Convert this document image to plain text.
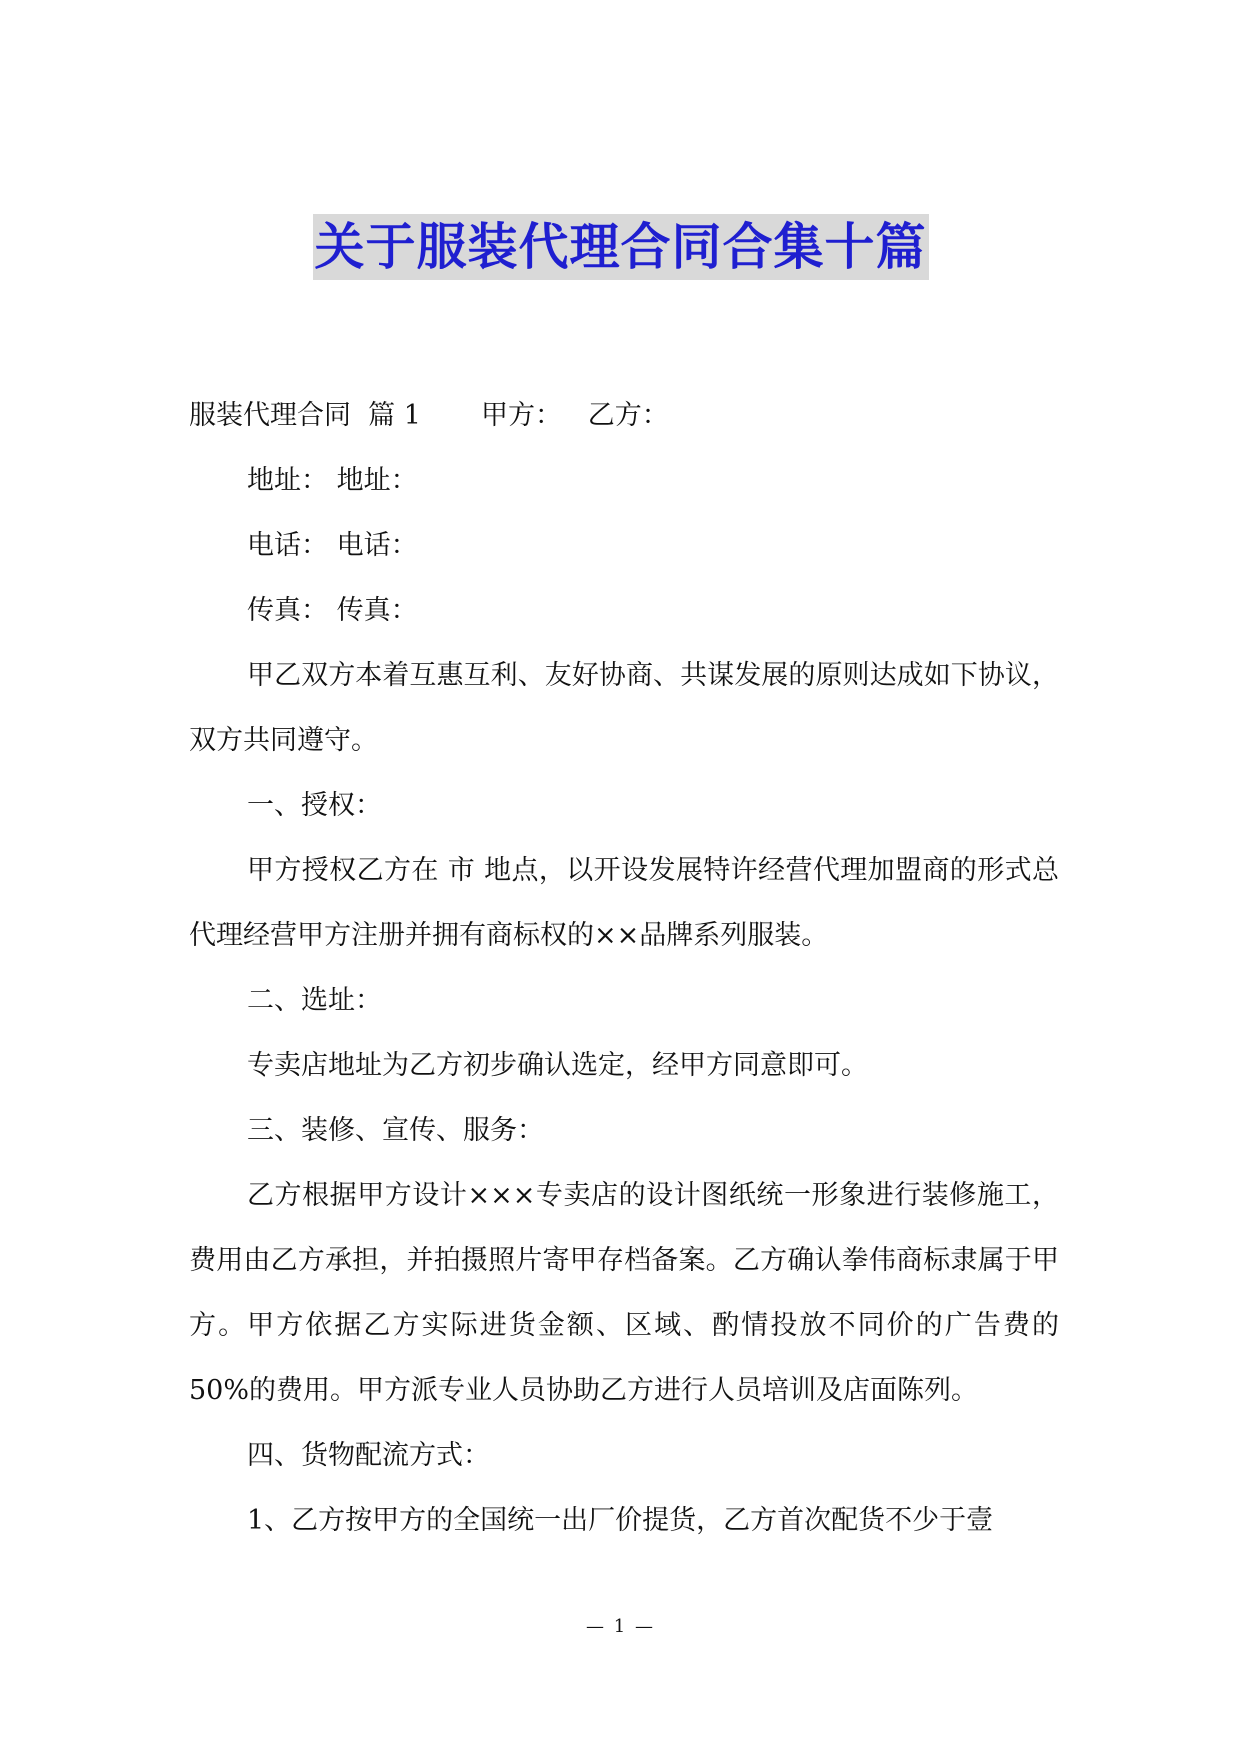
关于服装代理合同合集十篇

服装代理合同  篇 1       甲方：   乙方：

地址： 地址：

电话： 电话：

传真： 传真：

甲乙双方本着互惠互利、友好协商、共谋发展的原则达成如下协议，双方共同遵守。

一、授权：

甲方授权乙方在 市 地点，以开设发展特许经营代理加盟商的形式总代理经营甲方注册并拥有商标权的××品牌系列服装。

二、选址：

专卖店地址为乙方初步确认选定，经甲方同意即可。

三、装修、宣传、服务：

乙方根据甲方设计×××专卖店的设计图纸统一形象进行装修施工，费用由乙方承担，并拍摄照片寄甲存档备案。乙方确认拳伟商标隶属于甲方。甲方依据乙方实际进货金额、区域、酌情投放不同价的广告费的 50%的费用。甲方派专业人员协助乙方进行人员培训及店面陈列。

四、货物配流方式：

1、乙方按甲方的全国统一出厂价提货，乙方首次配货不少于壹

— 1 —
